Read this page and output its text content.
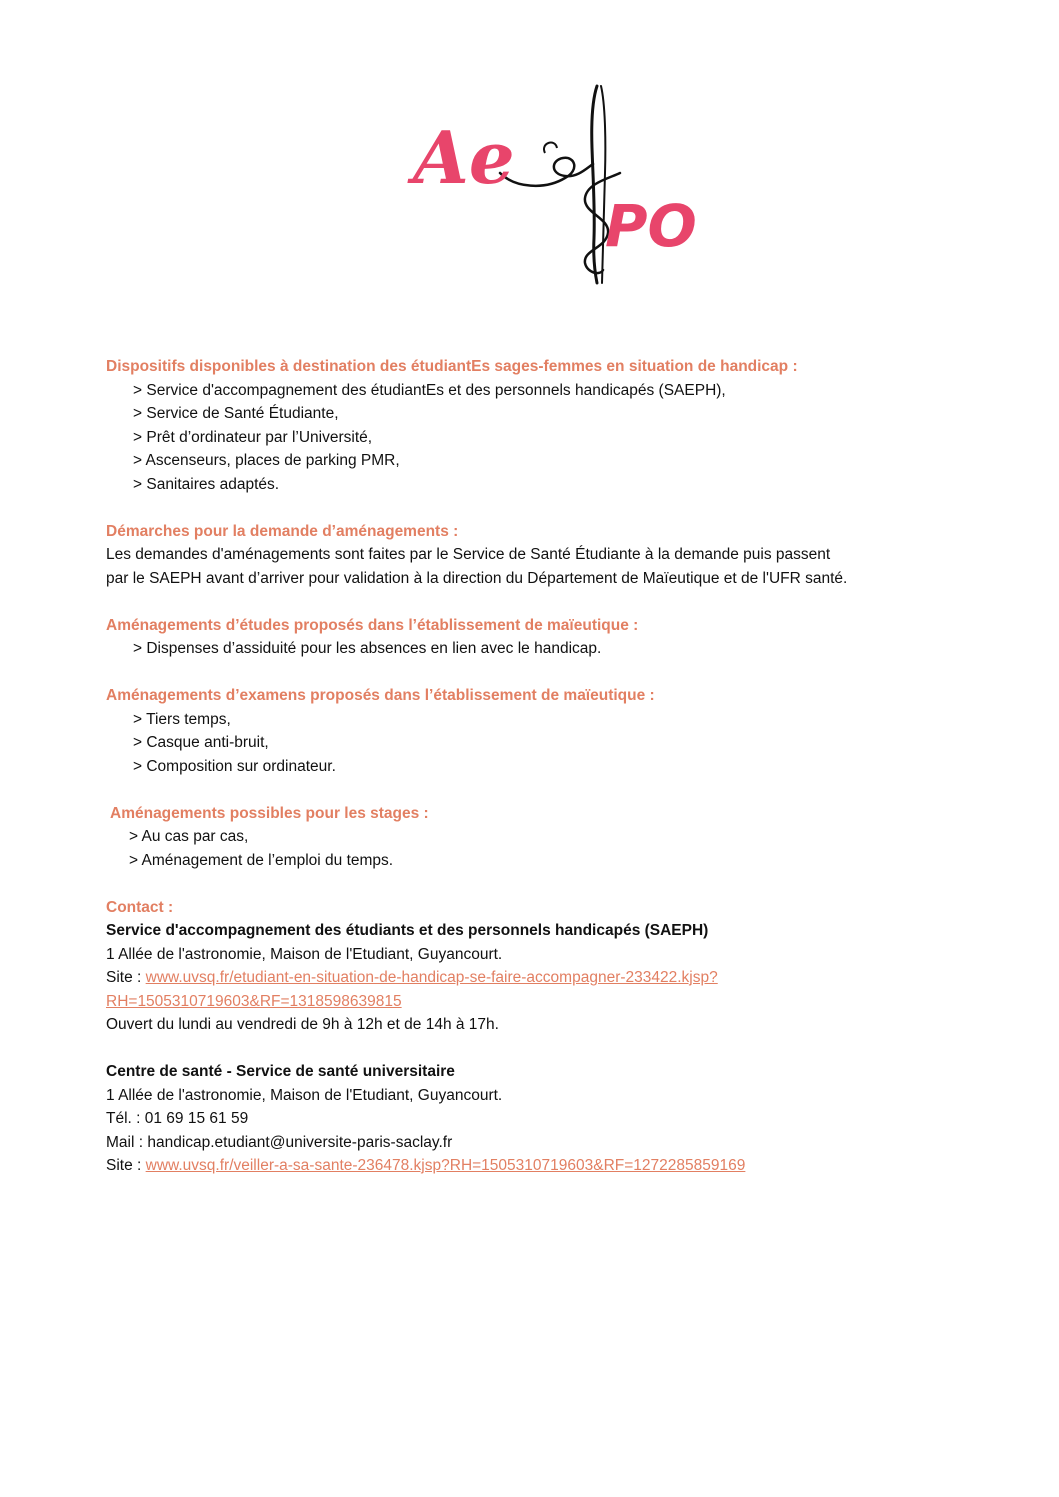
Ae
PO

Dispositifs disponibles à destination des étudiantEs sages-femmes en situation de handicap :

> Service d'accompagnement des étudiantEs et des personnels handicapés (SAEPH),
> Service de Santé Étudiante,
> Prêt d’ordinateur par l’Université,
> Ascenseurs, places de parking PMR,
> Sanitaires adaptés.

Démarches pour la demande d’aménagements :

Les demandes d'aménagements sont faites par le Service de Santé Étudiante à la demande puis passent

par le SAEPH avant d’arriver pour validation à la direction du Département de Maïeutique et de l'UFR santé.

Aménagements d’études proposés dans l’établissement de maïeutique :

> Dispenses d’assiduité pour les absences en lien avec le handicap.

Aménagements d’examens proposés dans l’établissement de maïeutique :

> Tiers temps,
> Casque anti-bruit,
> Composition sur ordinateur.

Aménagements possibles pour les stages :

> Au cas par cas,
> Aménagement de l’emploi du temps.

Contact :

Service d'accompagnement des étudiants et des personnels handicapés (SAEPH)

1 Allée de l'astronomie, Maison de l'Etudiant, Guyancourt.

Site : www.uvsq.fr/etudiant-en-situation-de-handicap-se-faire-accompagner-233422.kjsp?

RH=1505310719603&RF=1318598639815

Ouvert du lundi au vendredi de 9h à 12h et de 14h à 17h.

Centre de santé - Service de santé universitaire

1 Allée de l'astronomie, Maison de l'Etudiant, Guyancourt.

Tél. : 01 69 15 61 59

Mail : handicap.etudiant@universite-paris-saclay.fr

Site : www.uvsq.fr/veiller-a-sa-sante-236478.kjsp?RH=1505310719603&RF=1272285859169
